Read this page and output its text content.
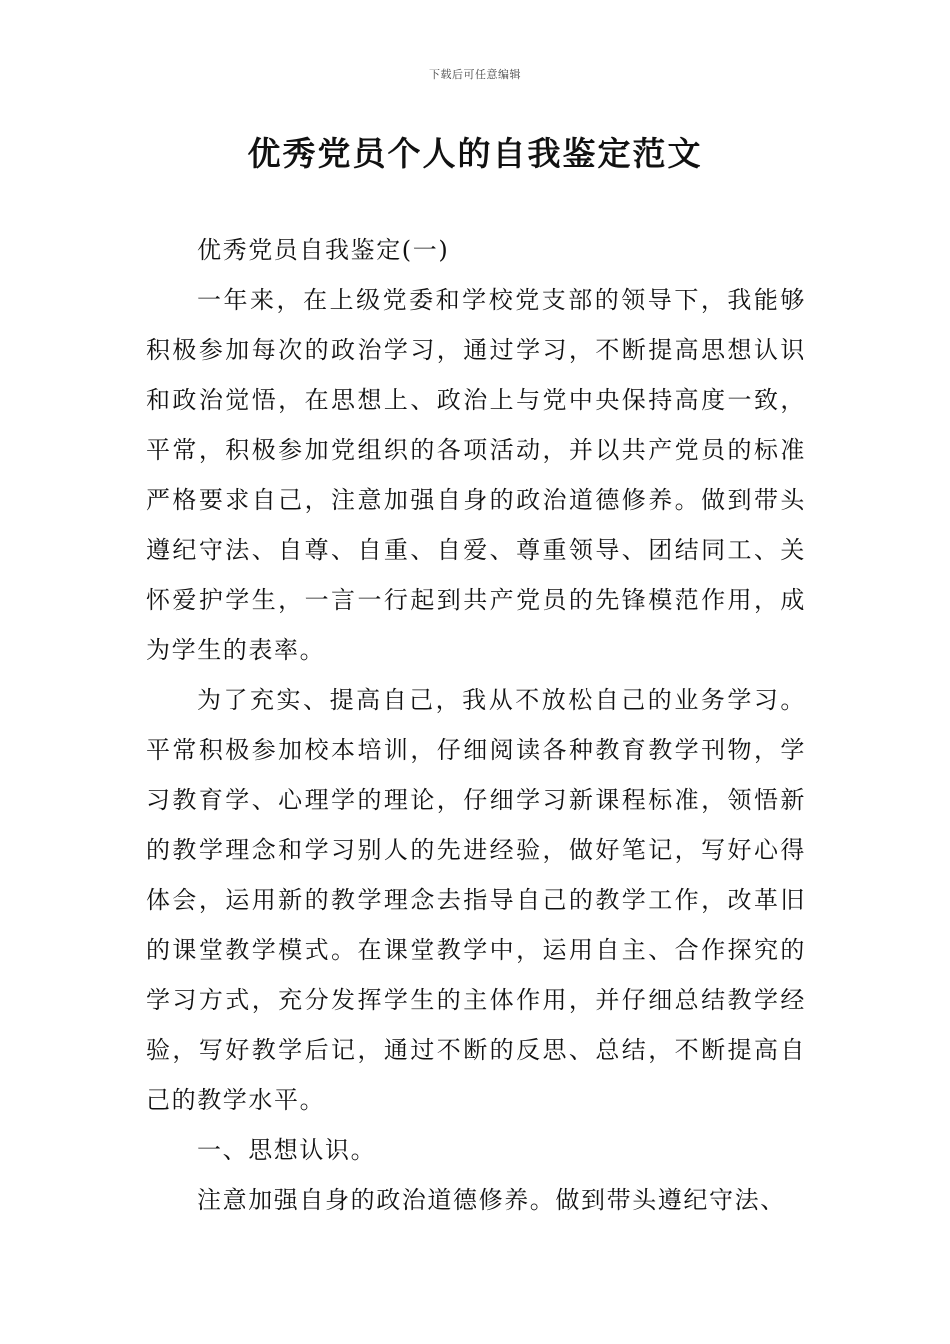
下载后可任意编辑
优秀党员个人的自我鉴定范文

优秀党员自我鉴定(一)

一年来，在上级党委和学校党支部的领导下，我能够积极参加每次的政治学习，通过学习，不断提高思想认识和政治觉悟，在思想上、政治上与党中央保持高度一致，平常，积极参加党组织的各项活动，并以共产党员的标准严格要求自己，注意加强自身的政治道德修养。做到带头遵纪守法、自尊、自重、自爱、尊重领导、团结同工、关怀爱护学生，一言一行起到共产党员的先锋模范作用，成为学生的表率。

为了充实、提高自己，我从不放松自己的业务学习。平常积极参加校本培训，仔细阅读各种教育教学刊物，学习教育学、心理学的理论，仔细学习新课程标准，领悟新的教学理念和学习别人的先进经验，做好笔记，写好心得体会，运用新的教学理念去指导自己的教学工作，改革旧的课堂教学模式。在课堂教学中，运用自主、合作探究的学习方式，充分发挥学生的主体作用，并仔细总结教学经验，写好教学后记，通过不断的反思、总结，不断提高自己的教学水平。

一、思想认识。

注意加强自身的政治道德修养。做到带头遵纪守法、
